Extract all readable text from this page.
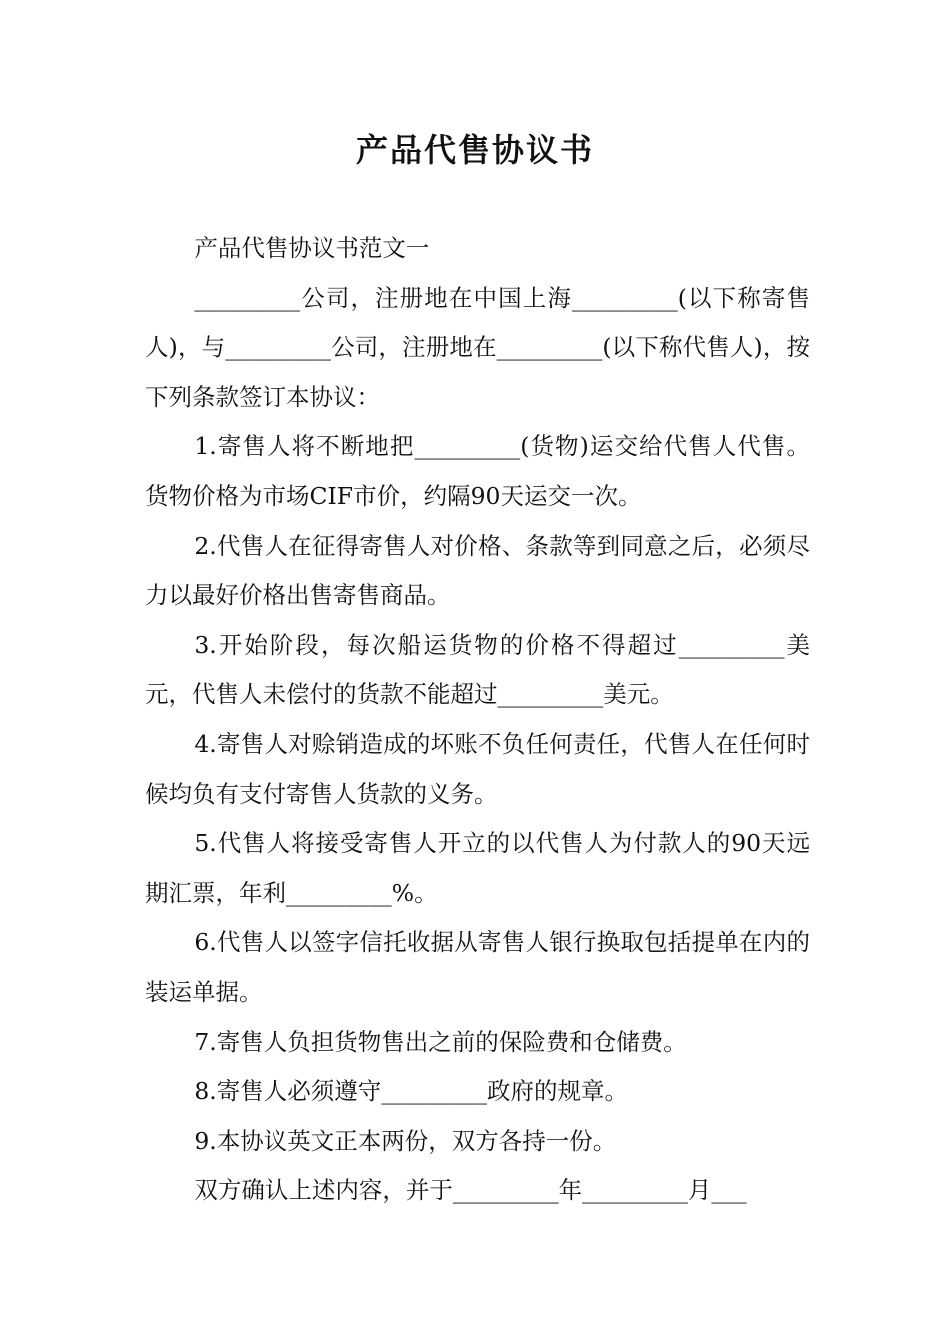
产品代售协议书

产品代售协议书范文一

_________公司，注册地在中国上海_________(以下称寄售人)，与_________公司，注册地在_________(以下称代售人)，按下列条款签订本协议：

1.寄售人将不断地把_________(货物)运交给代售人代售。货物价格为市场CIF市价，约隔90天运交一次。

2.代售人在征得寄售人对价格、条款等到同意之后，必须尽力以最好价格出售寄售商品。

3.开始阶段，每次船运货物的价格不得超过_________美元，代售人未偿付的货款不能超过_________美元。

4.寄售人对赊销造成的坏账不负任何责任，代售人在任何时候均负有支付寄售人货款的义务。

5.代售人将接受寄售人开立的以代售人为付款人的90天远期汇票，年利_________%。

6.代售人以签字信托收据从寄售人银行换取包括提单在内的装运单据。

7.寄售人负担货物售出之前的保险费和仓储费。

8.寄售人必须遵守_________政府的规章。

9.本协议英文正本两份，双方各持一份。

双方确认上述内容，并于_________年_________月___
